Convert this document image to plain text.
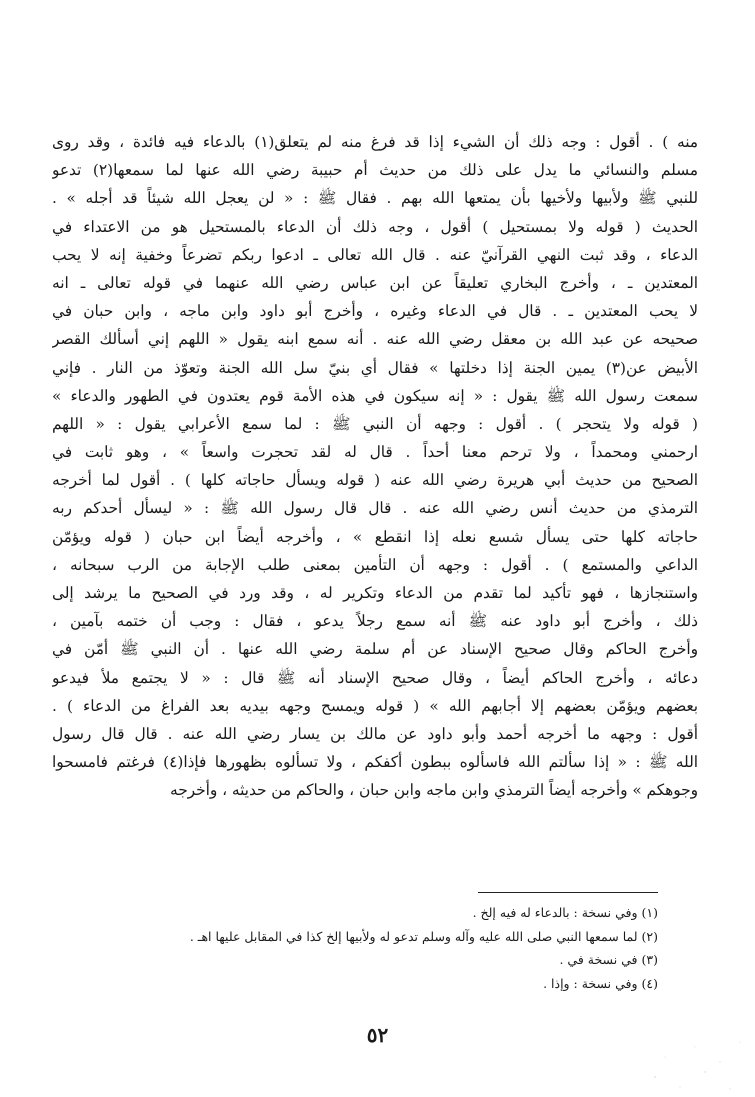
منه ) . أقول : وجه ذلك أن الشيء إذا قد فرغ منه لم يتعلق(١) بالدعاء فيه فائدة ، وقد روى
مسلم والنسائي ما يدل على ذلك من حديث أم حبيبة رضي الله عنها لما سمعها(٢) تدعو
للنبي ﷺ ولأبيها ولأخيها بأن يمتعها الله بهم . فقال ﷺ : « لن يعجل الله شيئاً قد أجله » .
الحديث ( قوله ولا بمستحيل ) أقول ، وجه ذلك أن الدعاء بالمستحيل هو من الاعتداء في
الدعاء ، وقد ثبت النهي القرآنيّ عنه . قال الله تعالى ـ ادعوا ربكم تضرعاً وخفية إنه لا يحب
المعتدين ـ ، وأخرج البخاري تعليقاً عن ابن عباس رضي الله عنهما في قوله تعالى ـ انه
لا يحب المعتدين ـ . قال في الدعاء وغيره ، وأخرج أبو داود وابن ماجه ، وابن حبان في
صحيحه عن عبد الله بن معقل رضي الله عنه . أنه سمع ابنه يقول « اللهم إني أسألك القصر
الأبيض عن(٣) يمين الجنة إذا دخلتها » فقال أي بنيّ سل الله الجنة وتعوّذ من النار . فإني
سمعت رسول الله ﷺ يقول : « إنه سيكون في هذه الأمة قوم يعتدون في الطهور والدعاء »
( قوله ولا يتحجر ) . أقول : وجهه أن النبي ﷺ : لما سمع الأعرابي يقول : « اللهم
ارحمني ومحمداً ، ولا ترحم معنا أحداً . قال له لقد تحجرت واسعاً » ، وهو ثابت في
الصحيح من حديث أبي هريرة رضي الله عنه ( قوله ويسأل حاجاته كلها ) . أقول لما أخرجه
الترمذي من حديث أنس رضي الله عنه . قال قال رسول الله ﷺ : « ليسأل أحدكم ربه
حاجاته كلها حتى يسأل شسع نعله إذا انقطع » ، وأخرجه أيضاً ابن حبان ( قوله ويؤمّن
الداعي والمستمع ) . أقول : وجهه أن التأمين بمعنى طلب الإجابة من الرب سبحانه ،
واستنجازها ، فهو تأكيد لما تقدم من الدعاء وتكرير له ، وقد ورد في الصحيح ما يرشد إلى
ذلك ، وأخرج أبو داود عنه ﷺ أنه سمع رجلاً يدعو ، فقال : وجب أن ختمه بآمين ،
وأخرج الحاكم وقال صحيح الإسناد عن أم سلمة رضي الله عنها . أن النبي ﷺ أمّن في
دعائه ، وأخرج الحاكم أيضاً ، وقال صحيح الإسناد أنه ﷺ قال : « لا يجتمع ملأ فيدعو
بعضهم ويؤمّن بعضهم إلا أجابهم الله » ( قوله ويمسح وجهه بيديه بعد الفراغ من الدعاء ) .
أقول : وجهه ما أخرجه أحمد وأبو داود عن مالك بن يسار رضي الله عنه . قال قال رسول
الله ﷺ : « إذا سألتم الله فاسألوه ببطون أكفكم ، ولا تسألوه بظهورها فإذا(٤) فرغتم فامسحوا
وجوهكم » وأخرجه أيضاً الترمذي وابن ماجه وابن حبان ، والحاكم من حديثه ، وأخرجه
(١) وفي نسخة : بالدعاء له فيه إلخ .
(٢) لما سمعها النبي صلى الله عليه وآله وسلم تدعو له ولأبيها إلخ كذا في المقابل عليها اهـ .
(٣) في نسخة في .
(٤) وفي نسخة : وإذا .
٥٢
